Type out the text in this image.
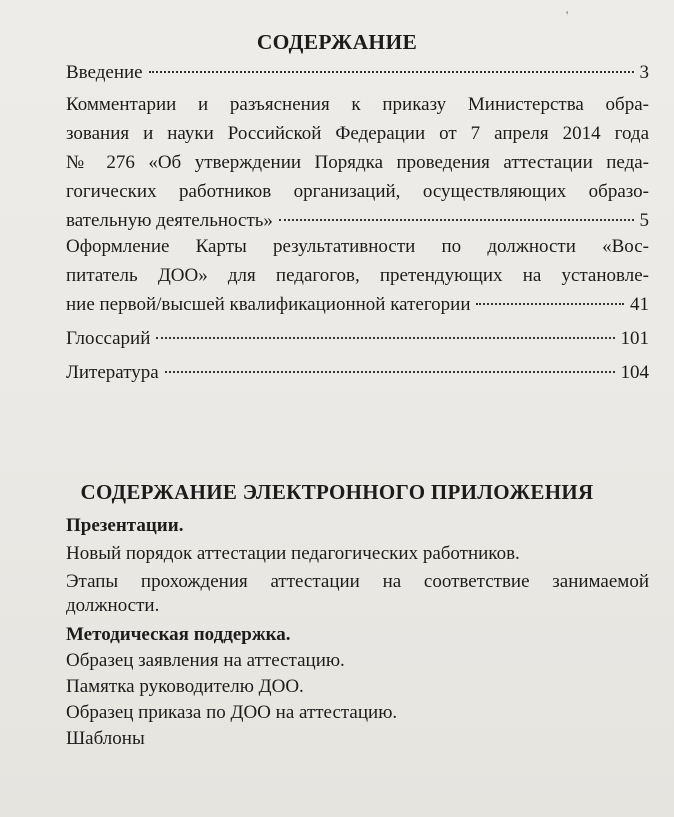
'
СОДЕРЖАНИЕ
Введение	3
Комментарии и разъяснения к приказу Министерства обра-
зования и науки Российской Федерации от 7 апреля 2014 года
№ 276 «Об утверждении Порядка проведения аттестации педа-
гогических работников организаций, осуществляющих образо-
вательную деятельность»	5
Оформление Карты результативности по должности «Вос-
питатель ДОО» для педагогов, претендующих на установле-
ние первой/высшей квалификационной категории	41
Глоссарий	101
Литература	104
СОДЕРЖАНИЕ ЭЛЕКТРОННОГО ПРИЛОЖЕНИЯ
Презентации.
Новый порядок аттестации педагогических работников.
Этапы прохождения аттестации на соответствие занимаемой должности.
Методическая поддержка.
Образец заявления на аттестацию.
Памятка руководителю ДОО.
Образец приказа по ДОО на аттестацию.
Шаблоны
